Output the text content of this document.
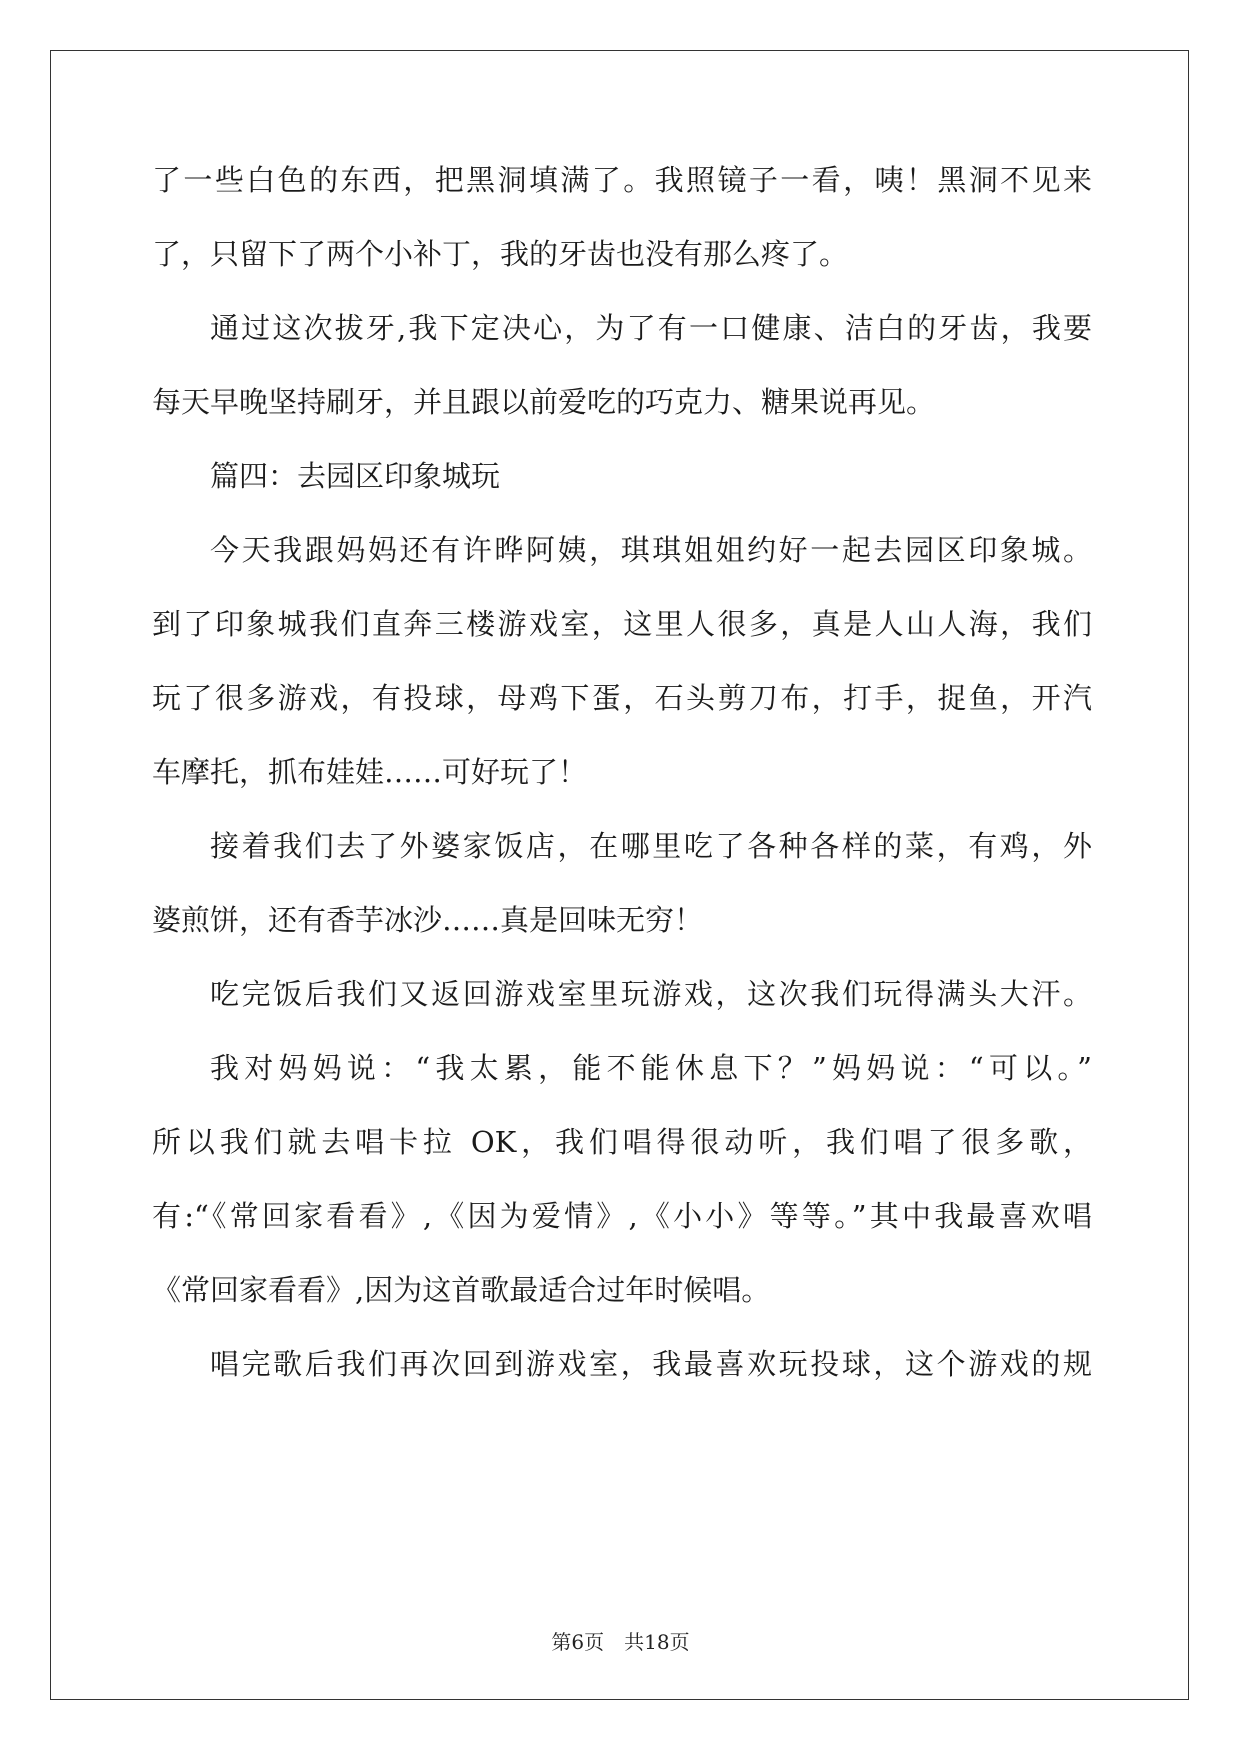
了一些白色的东西，把黑洞填满了。我照镜子一看，咦！黑洞不见来
了，只留下了两个小补丁，我的牙齿也没有那么疼了。
通过这次拔牙,我下定决心，为了有一口健康、洁白的牙齿，我要
每天早晚坚持刷牙，并且跟以前爱吃的巧克力、糖果说再见。
篇四：去园区印象城玩
今天我跟妈妈还有许晔阿姨，琪琪姐姐约好一起去园区印象城。
到了印象城我们直奔三楼游戏室，这里人很多，真是人山人海，我们
玩了很多游戏，有投球，母鸡下蛋，石头剪刀布，打手，捉鱼，开汽
车摩托，抓布娃娃……可好玩了！
接着我们去了外婆家饭店，在哪里吃了各种各样的菜，有鸡，外
婆煎饼，还有香芋冰沙……真是回味无穷！
吃完饭后我们又返回游戏室里玩游戏，这次我们玩得满头大汗。
我对妈妈说：“我太累，能不能休息下？”妈妈说：“可以。”
所以我们就去唱卡拉 OK，我们唱得很动听，我们唱了很多歌，
有:“《常回家看看》,《因为爱情》,《小小》等等。”其中我最喜欢唱
《常回家看看》,因为这首歌最适合过年时候唱。
唱完歌后我们再次回到游戏室，我最喜欢玩投球，这个游戏的规
第6页　共18页
